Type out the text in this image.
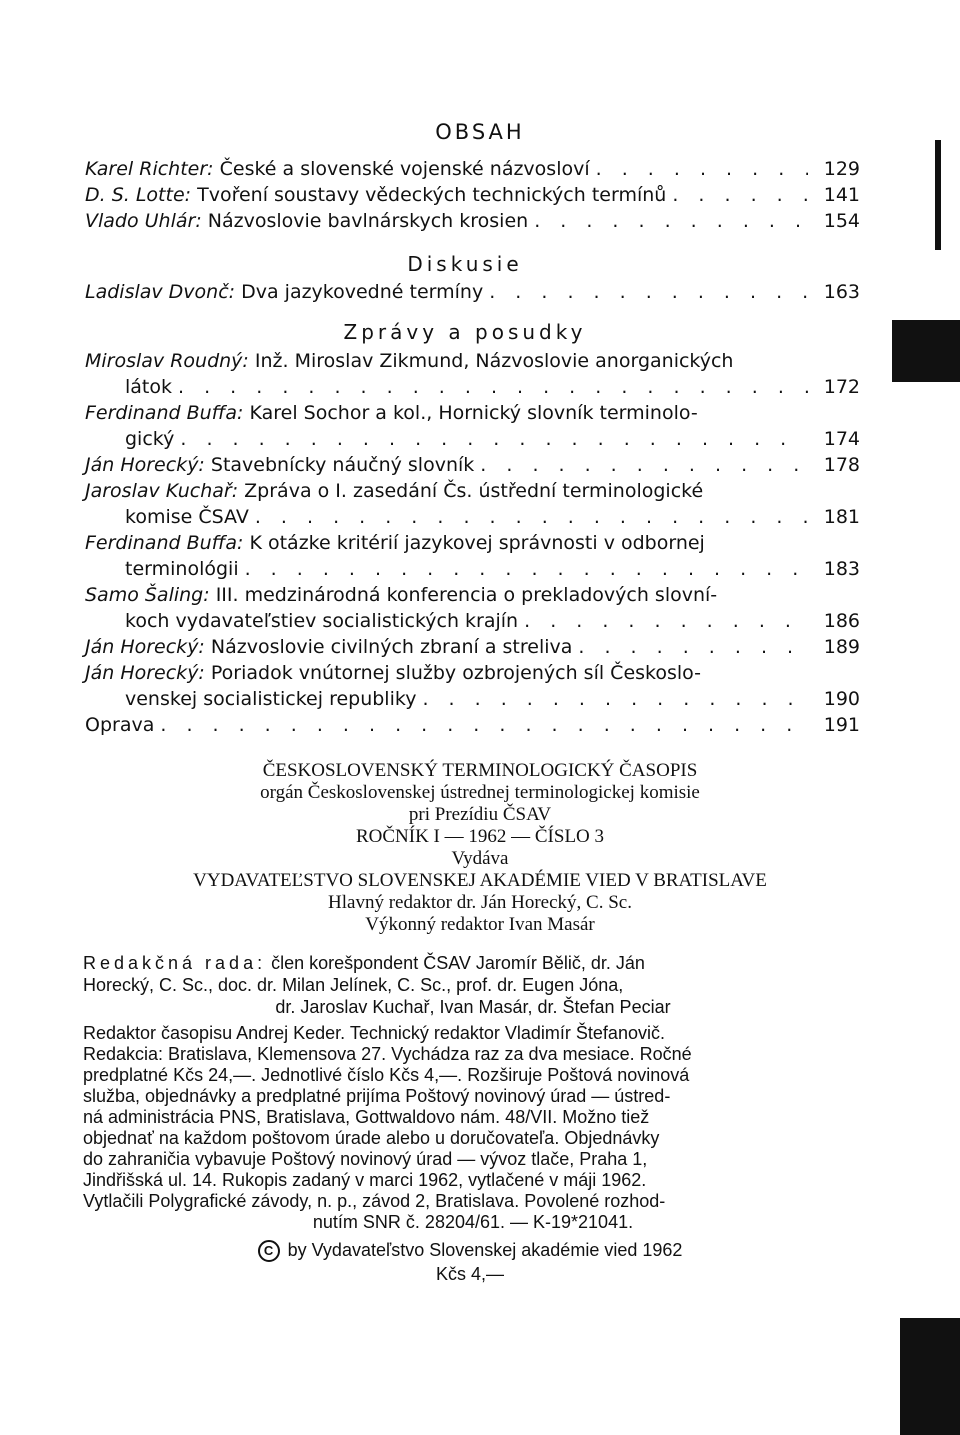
OBSAH
Karel Richter: České a slovenské vojenské názvosloví . . .	129
D. S. Lotte: Tvoření soustavy vědeckých technických termínů . . .	141
Vlado Uhlár: Názvoslovie bavlnárskych krosien . . .	154
Diskusie
Ladislav Dvonč: Dva jazykovedné termíny . . .	163
Zprávy a posudky
Miroslav Roudný: Inž. Miroslav Zikmund, Názvoslovie anorganických
látok . . .	172
Ferdinand Buffa: Karel Sochor a kol., Hornický slovník terminolo-
gický . . .	174
Ján Horecký: Stavebnícky náučný slovník . . .	178
Jaroslav Kuchař: Zpráva o I. zasedání Čs. ústřední terminologické
komise ČSAV . . .	181
Ferdinand Buffa: K otázke kritérií jazykovej správnosti v odbornej
terminológii . . .	183
Samo Šaling: III. medzinárodná konferencia o prekladových slovní-
koch vydavateľstiev socialistických krajín . . .	186
Ján Horecký: Názvoslovie civilných zbraní a streliva . . .	189
Ján Horecký: Poriadok vnútornej služby ozbrojených síl Českoslo-
venskej socialistickej republiky . . .	190
Oprava . . .	191
ČESKOSLOVENSKÝ TERMINOLOGICKÝ ČASOPIS
orgán Československej ústrednej terminologickej komisie
pri Prezídiu ČSAV
ROČNÍK I — 1962 — ČÍSLO 3
Vydáva
VYDAVATEĽSTVO SLOVENSKEJ AKADÉMIE VIED V BRATISLAVE
Hlavný redaktor dr. Ján Horecký, C. Sc.
Výkonný redaktor Ivan Masár
Redakčná rada: člen korešpondent ČSAV Jaromír Bělič, dr. Ján
Horecký, C. Sc., doc. dr. Milan Jelínek, C. Sc., prof. dr. Eugen Jóna,
dr. Jaroslav Kuchař, Ivan Masár, dr. Štefan Peciar
Redaktor časopisu Andrej Keder. Technický redaktor Vladimír Štefanovič.
Redakcia: Bratislava, Klemensova 27. Vychádza raz za dva mesiace. Ročné
predplatné Kčs 24,—. Jednotlivé číslo Kčs 4,—. Rozširuje Poštová novinová
služba, objednávky a predplatné prijíma Poštový novinový úrad — ústred-
ná administrácia PNS, Bratislava, Gottwaldovo nám. 48/VII. Možno tiež
objednať na každom poštovom úrade alebo u doručovateľa. Objednávky
do zahraničia vybavuje Poštový novinový úrad — vývoz tlače, Praha 1,
Jindřišská ul. 14. Rukopis zadaný v marci 1962, vytlačené v máji 1962.
Vytlačili Polygrafické závody, n. p., závod 2, Bratislava. Povolené rozhod-
nutím SNR č. 28204/61. — K-19*21041.
C by Vydavateľstvo Slovenskej akadémie vied 1962
Kčs 4,—
